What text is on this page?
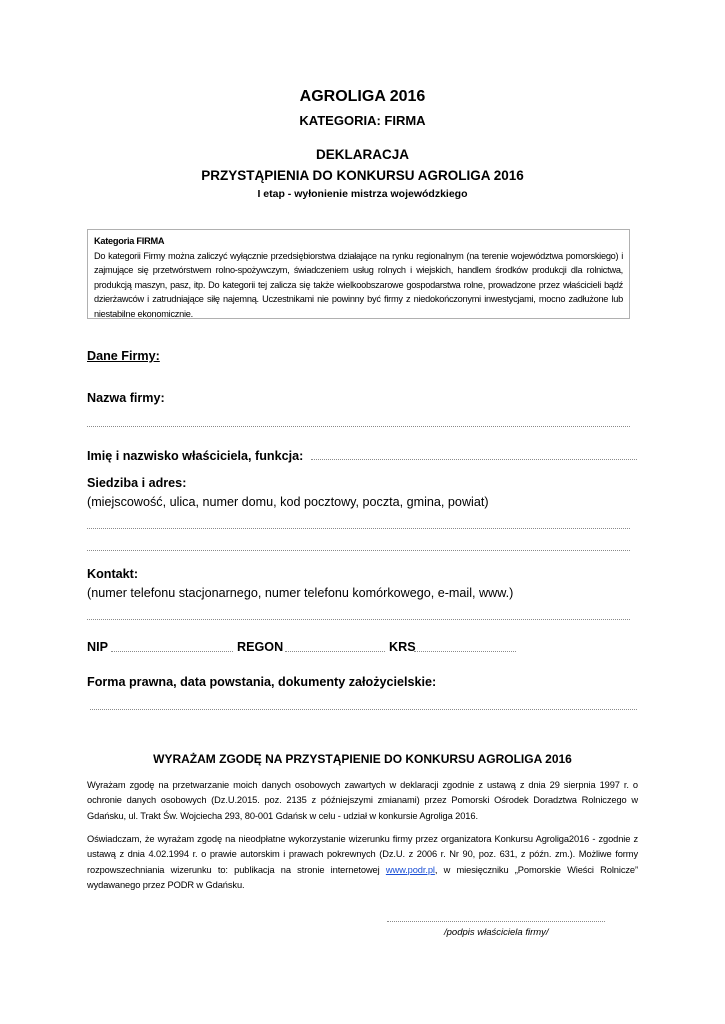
AGROLIGA 2016
KATEGORIA: FIRMA
DEKLARACJA
PRZYSTĄPIENIA DO KONKURSU AGROLIGA 2016
I etap - wyłonienie mistrza wojewódzkiego
Kategoria FIRMA
Do kategorii Firmy można zaliczyć wyłącznie przedsiębiorstwa działające na rynku regionalnym (na terenie województwa pomorskiego) i zajmujące się przetwórstwem rolno-spożywczym, świadczeniem usług rolnych i wiejskich, handlem środków produkcji dla rolnictwa, produkcją maszyn, pasz, itp. Do kategorii tej zalicza się także wielkoobszarowe gospodarstwa rolne, prowadzone przez właścicieli bądź dzierżawców i zatrudniające siłę najemną. Uczestnikami nie powinny być firmy z niedokończonymi inwestycjami, mocno zadłużone lub niestabilne ekonomicznie.
Dane Firmy:
Nazwa firmy:
Imię i nazwisko właściciela, funkcja:
Siedziba i adres:
(miejscowość, ulica, numer domu, kod pocztowy, poczta, gmina, powiat)
Kontakt:
(numer telefonu stacjonarnego, numer telefonu komórkowego, e-mail, www.)
NIP	REGON	KRS
Forma prawna, data powstania, dokumenty założycielskie:
WYRAŻAM ZGODĘ NA PRZYSTĄPIENIE DO KONKURSU AGROLIGA 2016
Wyrażam zgodę na przetwarzanie moich danych osobowych zawartych w deklaracji zgodnie z ustawą z dnia 29 sierpnia 1997 r. o ochronie danych osobowych (Dz.U.2015. poz. 2135 z późniejszymi zmianami) przez Pomorski Ośrodek Doradztwa Rolniczego w Gdańsku, ul. Trakt Św. Wojciecha 293, 80-001 Gdańsk w celu - udział w konkursie Agroliga 2016.
Oświadczam, że wyrażam zgodę na nieodpłatne wykorzystanie wizerunku firmy przez organizatora Konkursu Agroliga2016 - zgodnie z ustawą z dnia 4.02.1994 r. o prawie autorskim i prawach pokrewnych (Dz.U. z 2006 r. Nr 90, poz. 631, z późn. zm.). Możliwe formy rozpowszechniania wizerunku to: publikacja na stronie internetowej www.podr.pl, w miesięczniku „Pomorskie Wieści Rolnicze” wydawanego przez PODR w Gdańsku.
/podpis właściciela firmy/
